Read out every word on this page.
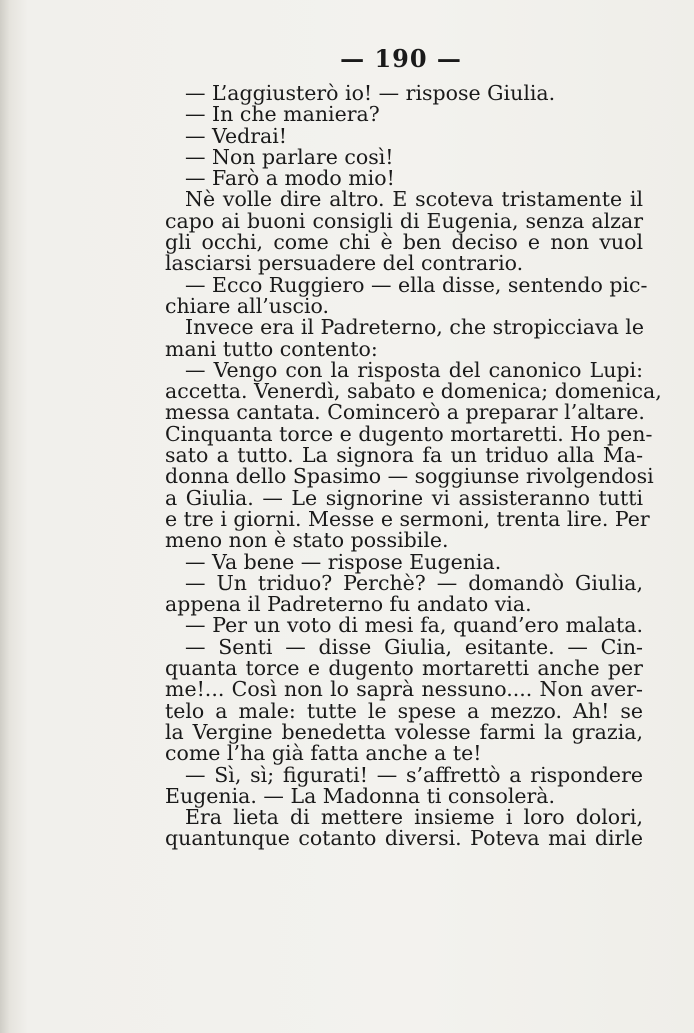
— 190 —
— L’aggiusterò io! — rispose Giulia.
— In che maniera?
— Vedrai!
— Non parlare così!
— Farò a modo mio!
Nè volle dire altro. E scoteva tristamente il
capo ai buoni consigli di Eugenia, senza alzar
gli occhi, come chi è ben deciso e non vuol
lasciarsi persuadere del contrario.
— Ecco Ruggiero — ella disse, sentendo pic-
chiare all’uscio.
Invece era il Padreterno, che stropicciava le
mani tutto contento:
— Vengo con la risposta del canonico Lupi:
accetta. Venerdì, sabato e domenica; domenica,
messa cantata. Comincerò a preparar l’altare.
Cinquanta torce e dugento mortaretti. Ho pen-
sato a tutto. La signora fa un triduo alla Ma-
donna dello Spasimo — soggiunse rivolgendosi
a Giulia. — Le signorine vi assisteranno tutti
e tre i giorni. Messe e sermoni, trenta lire. Per
meno non è stato possibile.
— Va bene — rispose Eugenia.
— Un triduo? Perchè? — domandò Giulia,
appena il Padreterno fu andato via.
— Per un voto di mesi fa, quand’ero malata.
— Senti — disse Giulia, esitante. — Cin-
quanta torce e dugento mortaretti anche per
me!... Così non lo saprà nessuno.... Non aver-
telo a male: tutte le spese a mezzo. Ah! se
la Vergine benedetta volesse farmi la grazia,
come l’ha già fatta anche a te!
— Sì, sì; figurati! — s’affrettò a rispondere
Eugenia. — La Madonna ti consolerà.
Era lieta di mettere insieme i loro dolori,
quantunque cotanto diversi. Poteva mai dirle
